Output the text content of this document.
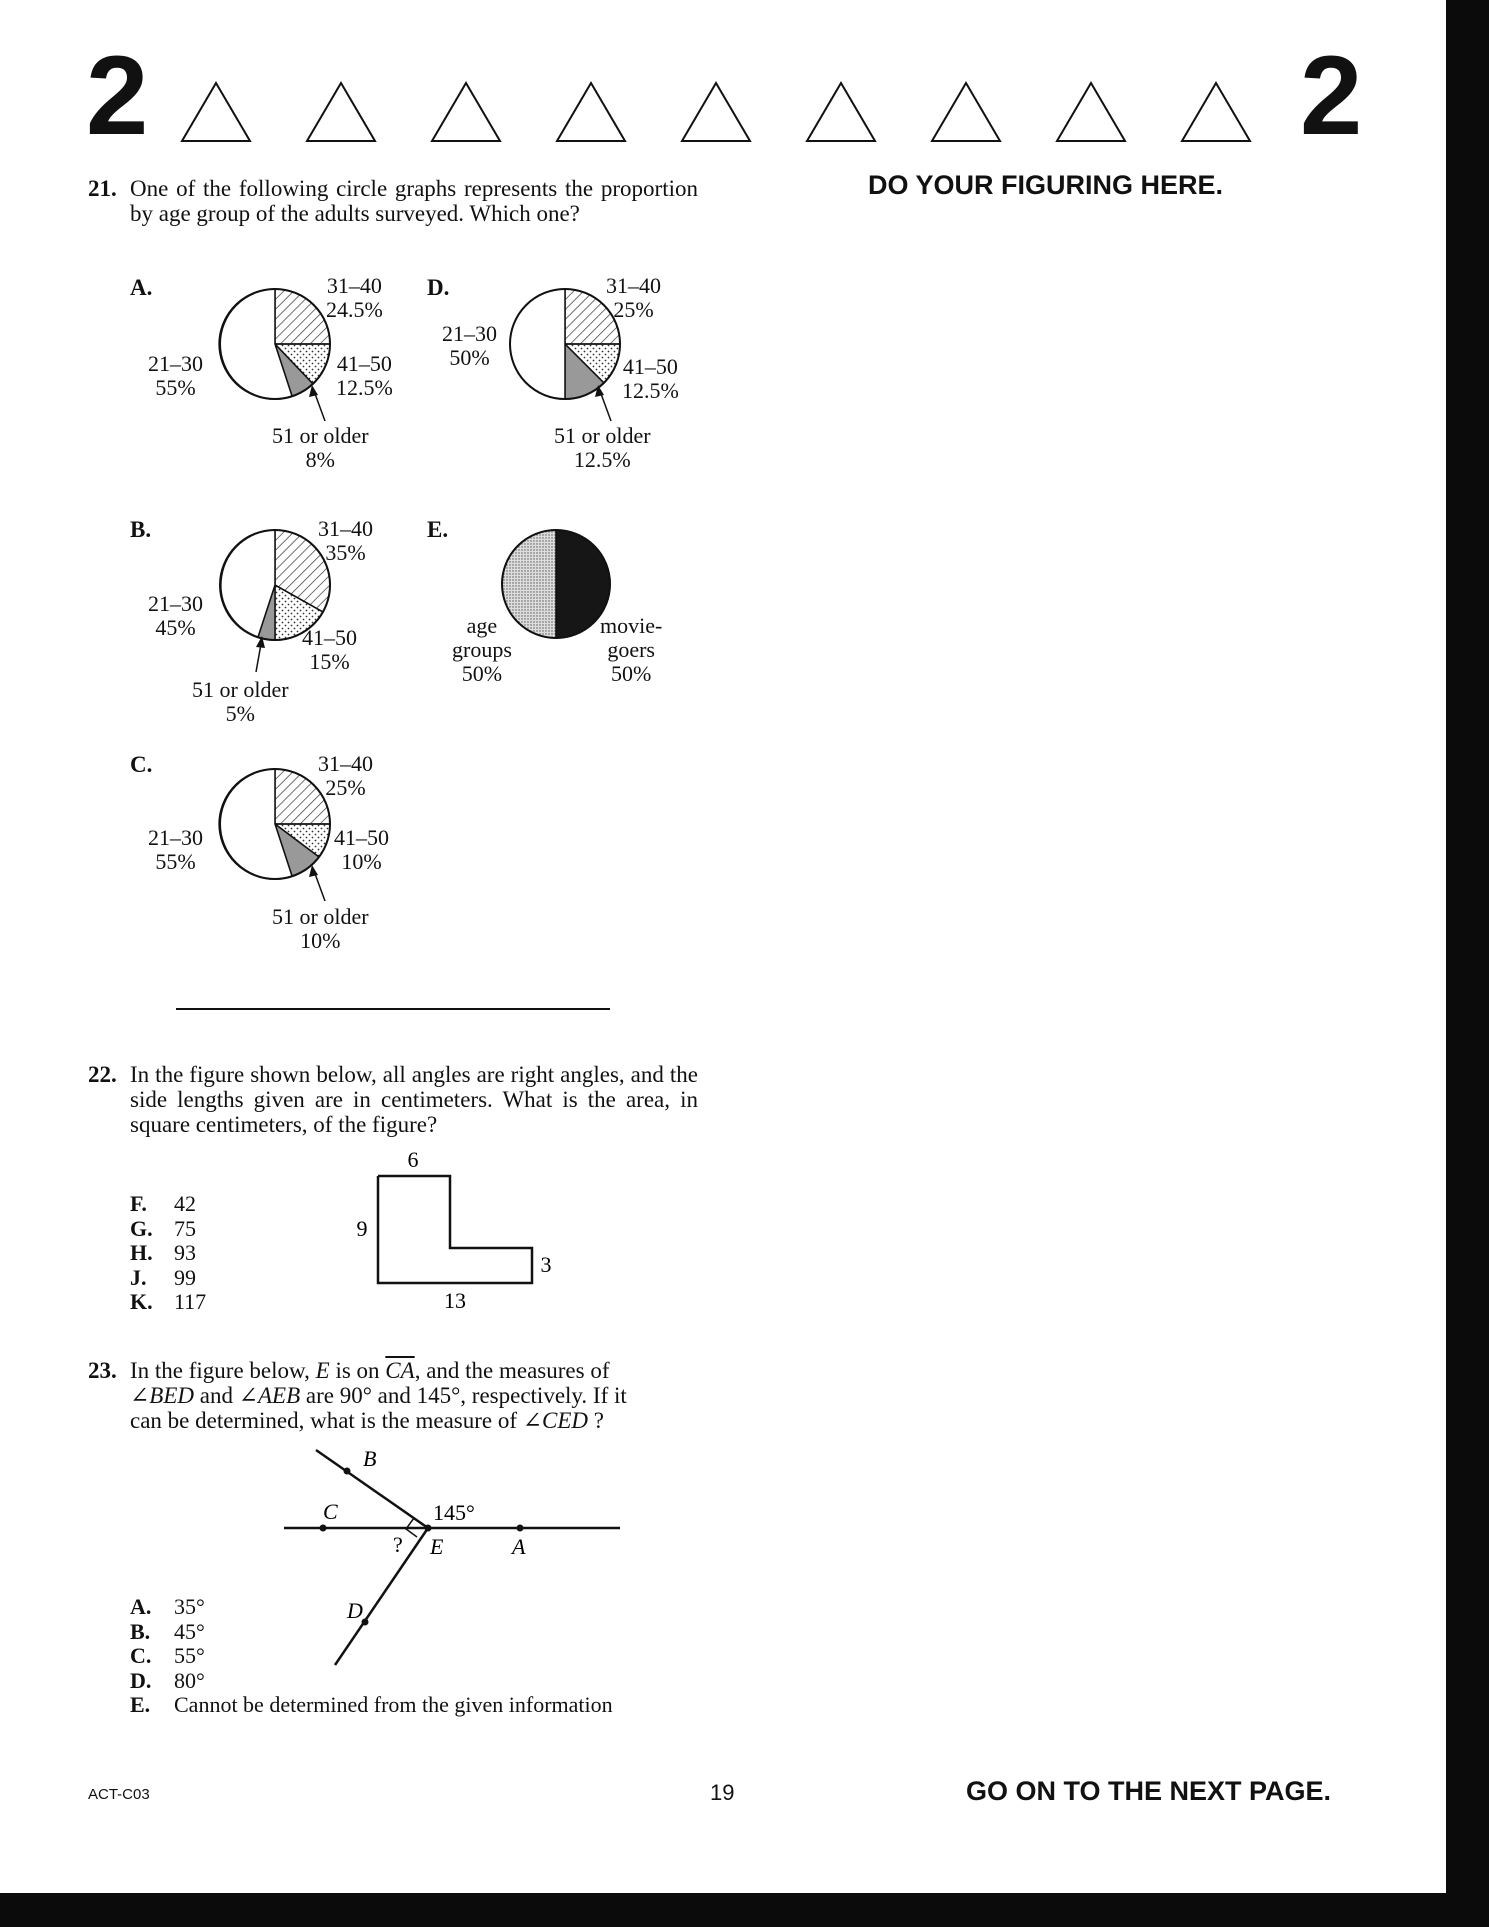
2	2
DO YOUR FIGURING HERE.
21. One of the following circle graphs represents the proportion by age group of the adults surveyed. Which one?
A.
21–30
55%
31–40
24.5%
41–50
12.5%
51 or older
8%
D.
21–30
50%
31–40
25%
41–50
12.5%
51 or older
12.5%
B.
21–30
45%
31–40
35%
41–50
15%
51 or older
5%
E.
age
groups
50%
movie-
goers
50%
C.
21–30
55%
31–40
25%
41–50
10%
51 or older
10%
22. In the figure shown below, all angles are right angles, and the side lengths given are in centimeters. What is the area, in square centimeters, of the figure?
F. 42
G. 75
H. 93
J. 99
K. 117
6
9
3
13
23. In the figure below, E is on $\overline{CA}$, and the measures of
∠BED and ∠AEB are 90° and 145°, respectively. If it
can be determined, what is the measure of ∠CED ?
B
C
E	A
D
145°
?
A. 35°
B. 45°
C. 55°
D. 80°
E. Cannot be determined from the given information
ACT-C03	19	GO ON TO THE NEXT PAGE.
